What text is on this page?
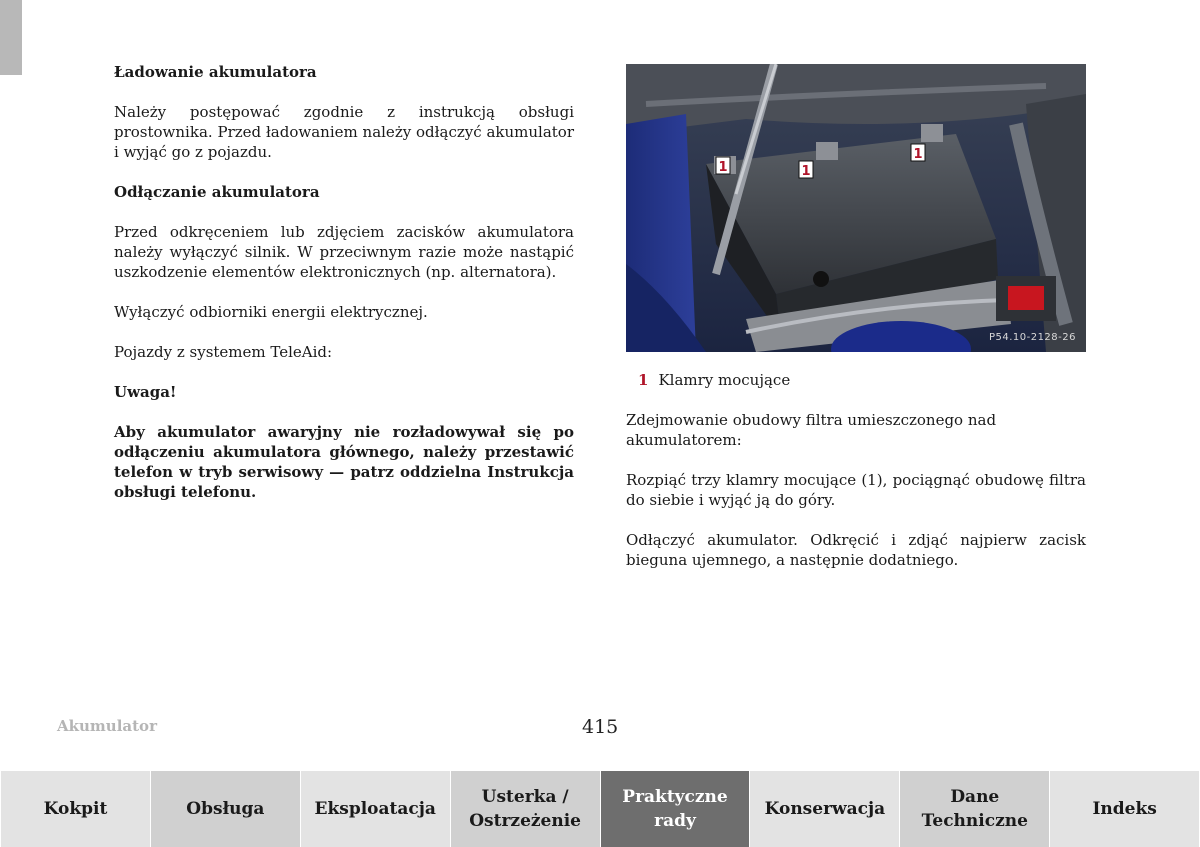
Ładowanie akumulatora

Należy postępować zgodnie z instrukcją obsługi prostownika. Przed ładowaniem należy odłączyć akumulator i wyjąć go z pojazdu.

Odłączanie akumulatora

Przed odkręceniem lub zdjęciem zacisków akumulatora należy wyłączyć silnik. W przeciwnym razie może nastąpić uszkodzenie elementów elektronicznych (np. alternatora).

Wyłączyć odbiorniki energii elektrycznej.

Pojazdy z systemem TeleAid:

Uwaga!

Aby akumulator awaryjny nie rozładowywał się po odłączeniu akumulatora głównego, należy przestawić telefon w tryb serwisowy — patrz oddzielna Instrukcja obsługi telefonu.

1	1
1
P54.10-2128-26

1 Klamry mocujące

Zdejmowanie obudowy filtra umieszczonego nad akumulatorem:

Rozpiąć trzy klamry mocujące (1), pociągnąć obudowę filtra do siebie i wyjąć ją do góry.

Odłączyć akumulator. Odkręcić i zdjąć najpierw zacisk bieguna ujemnego, a następnie dodatniego.

Akumulator	415
Kokpit	Obsługa	Eksploatacja
Usterka /
Ostrzeżenie
Praktyczne
rady
Konserwacja
Dane
Techniczne
Indeks
